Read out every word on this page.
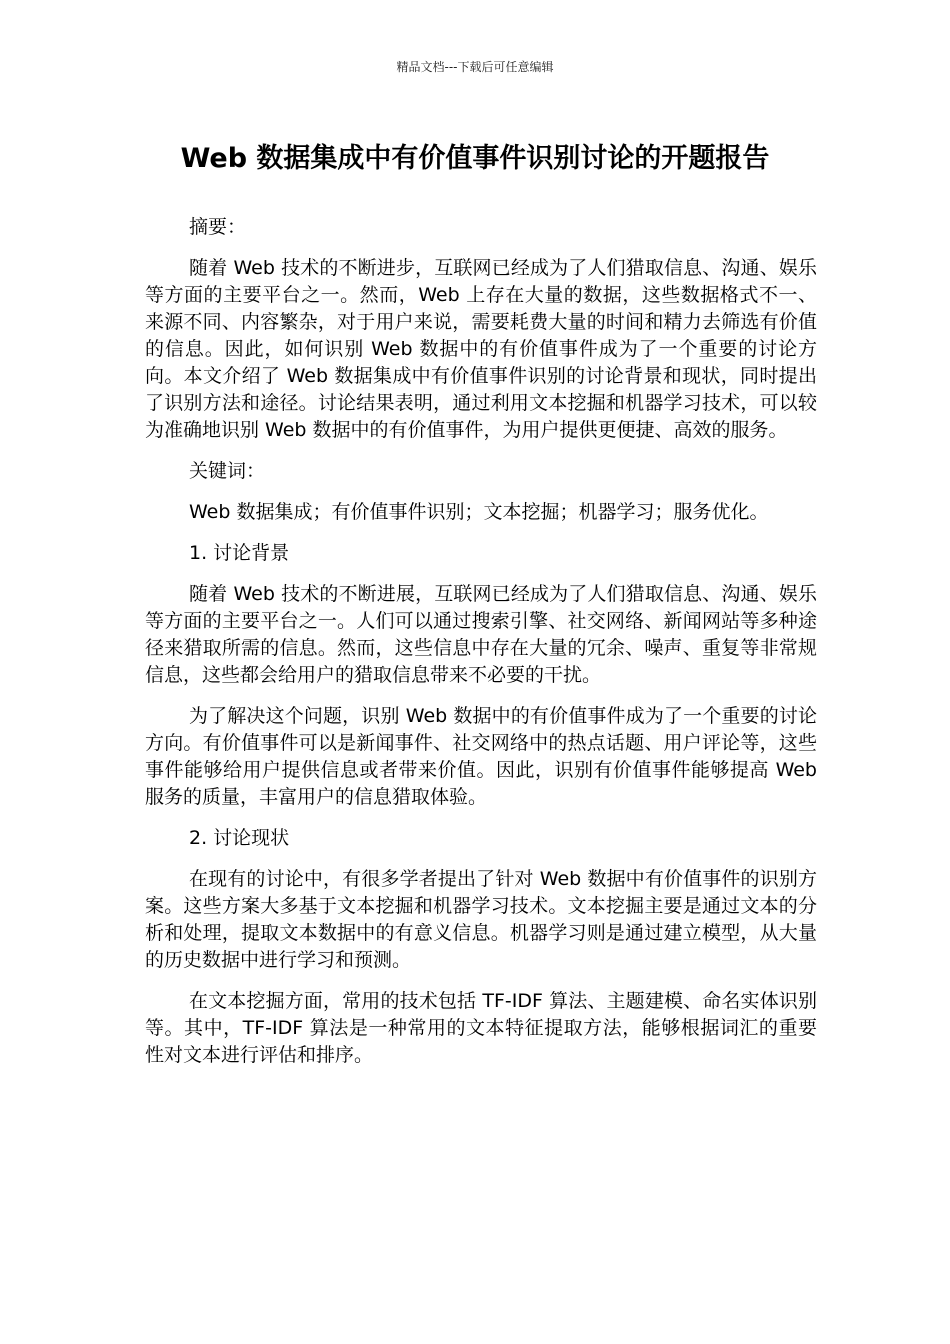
精品文档---下载后可任意编辑
Web 数据集成中有价值事件识别讨论的开题报告

摘要：

随着 Web 技术的不断进步，互联网已经成为了人们猎取信息、沟通、娱乐等方面的主要平台之一。然而，Web 上存在大量的数据，这些数据格式不一、来源不同、内容繁杂，对于用户来说，需要耗费大量的时间和精力去筛选有价值的信息。因此，如何识别 Web 数据中的有价值事件成为了一个重要的讨论方向。本文介绍了 Web 数据集成中有价值事件识别的讨论背景和现状，同时提出了识别方法和途径。讨论结果表明，通过利用文本挖掘和机器学习技术，可以较为准确地识别 Web 数据中的有价值事件，为用户提供更便捷、高效的服务。

关键词：

Web 数据集成；有价值事件识别；文本挖掘；机器学习；服务优化。

1. 讨论背景

随着 Web 技术的不断进展，互联网已经成为了人们猎取信息、沟通、娱乐等方面的主要平台之一。人们可以通过搜索引擎、社交网络、新闻网站等多种途径来猎取所需的信息。然而，这些信息中存在大量的冗余、噪声、重复等非常规信息，这些都会给用户的猎取信息带来不必要的干扰。

为了解决这个问题，识别 Web 数据中的有价值事件成为了一个重要的讨论方向。有价值事件可以是新闻事件、社交网络中的热点话题、用户评论等，这些事件能够给用户提供信息或者带来价值。因此，识别有价值事件能够提高 Web 服务的质量，丰富用户的信息猎取体验。

2. 讨论现状

在现有的讨论中，有很多学者提出了针对 Web 数据中有价值事件的识别方案。这些方案大多基于文本挖掘和机器学习技术。文本挖掘主要是通过文本的分析和处理，提取文本数据中的有意义信息。机器学习则是通过建立模型，从大量的历史数据中进行学习和预测。

在文本挖掘方面，常用的技术包括 TF-IDF 算法、主题建模、命名实体识别等。其中，TF-IDF 算法是一种常用的文本特征提取方法，能够根据词汇的重要性对文本进行评估和排序。
